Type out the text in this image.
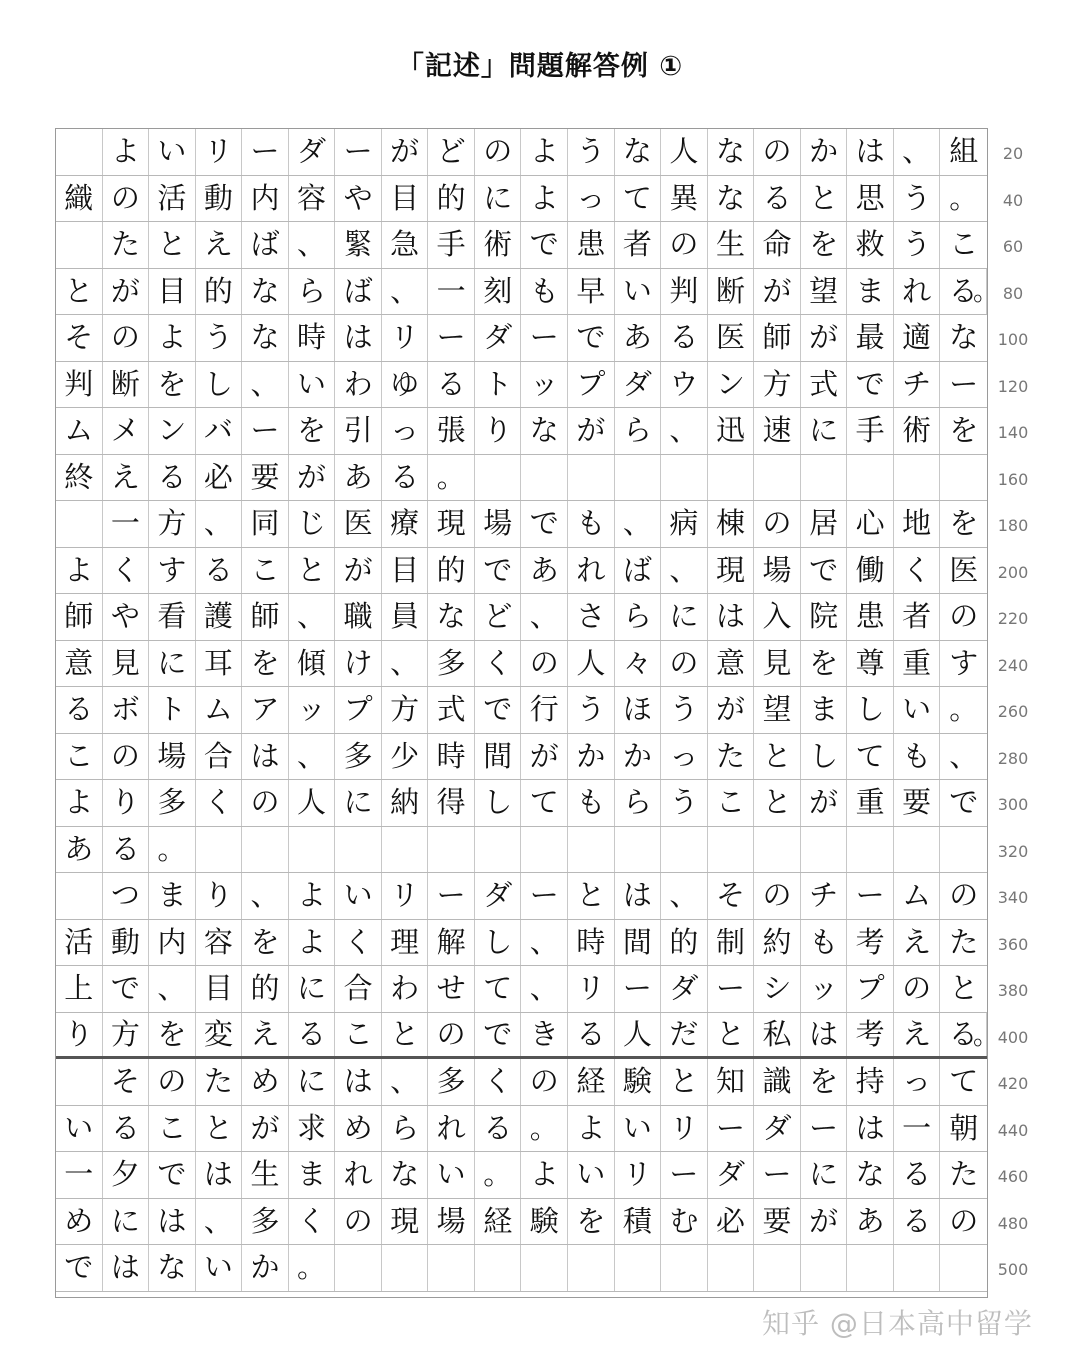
「記述」問題解答例 ①
よ い リ ー ダ ー が ど の よ う な 人 な の か は 、 組
織 の 活 動 内 容 や 目 的 に よ っ て 異 な る と 思 う 。
た と え ば 、 緊 急 手 術 で 患 者 の 生 命 を 救 う こ
と が 目 的 な ら ば 、 一 刻 も 早 い 判 断 が 望 ま れ る
。
そ の よ う な 時 は リ ー ダ ー で あ る 医 師 が 最 適 な
判 断 を し 、 い わ ゆ る ト ッ プ ダ ウ ン 方 式 で チ ー
ム メ ン バ ー を 引 っ 張 り な が ら 、 迅 速 に 手 術 を
終 え る 必 要 が あ る 。
一 方 、 同 じ 医 療 現 場 で も 、 病 棟 の 居 心 地 を
よ く す る こ と が 目 的 で あ れ ば 、 現 場 で 働 く 医
師 や 看 護 師 、 職 員 な ど 、 さ ら に は 入 院 患 者 の
意 見 に 耳 を 傾 け 、 多 く の 人 々 の 意 見 を 尊 重 す
る ボ ト ム ア ッ プ 方 式 で 行 う ほ う が 望 ま し い 。
こ の 場 合 は 、 多 少 時 間 が か か っ た と し て も 、
よ り 多 く の 人 に 納 得 し て も ら う こ と が 重 要 で
あ る 。
つ ま り 、 よ い リ ー ダ ー と は 、 そ の チ ー ム の
活 動 内 容 を よ く 理 解 し 、 時 間 的 制 約 も 考 え た
上 で 、 目 的 に 合 わ せ て 、 リ ー ダ ー シ ッ プ の と
り 方 を 変 え る こ と の で き る 人 だ と 私 は 考 え る
。
そ の た め に は 、 多 く の 経 験 と 知 識 を 持 っ て
い る こ と が 求 め ら れ る 。 よ い リ ー ダ ー は 一 朝
一 夕 で は 生 ま れ な い 。 よ い リ ー ダ ー に な る た
め に は 、 多 く の 現 場 経 験 を 積 む 必 要 が あ る の
で は な い か 。
20
40
60
80
100
120
140
160
180
200
220
240
260
280
300
320
340
360
380
400
420
440
460
480
500
知乎 @日本高中留学
